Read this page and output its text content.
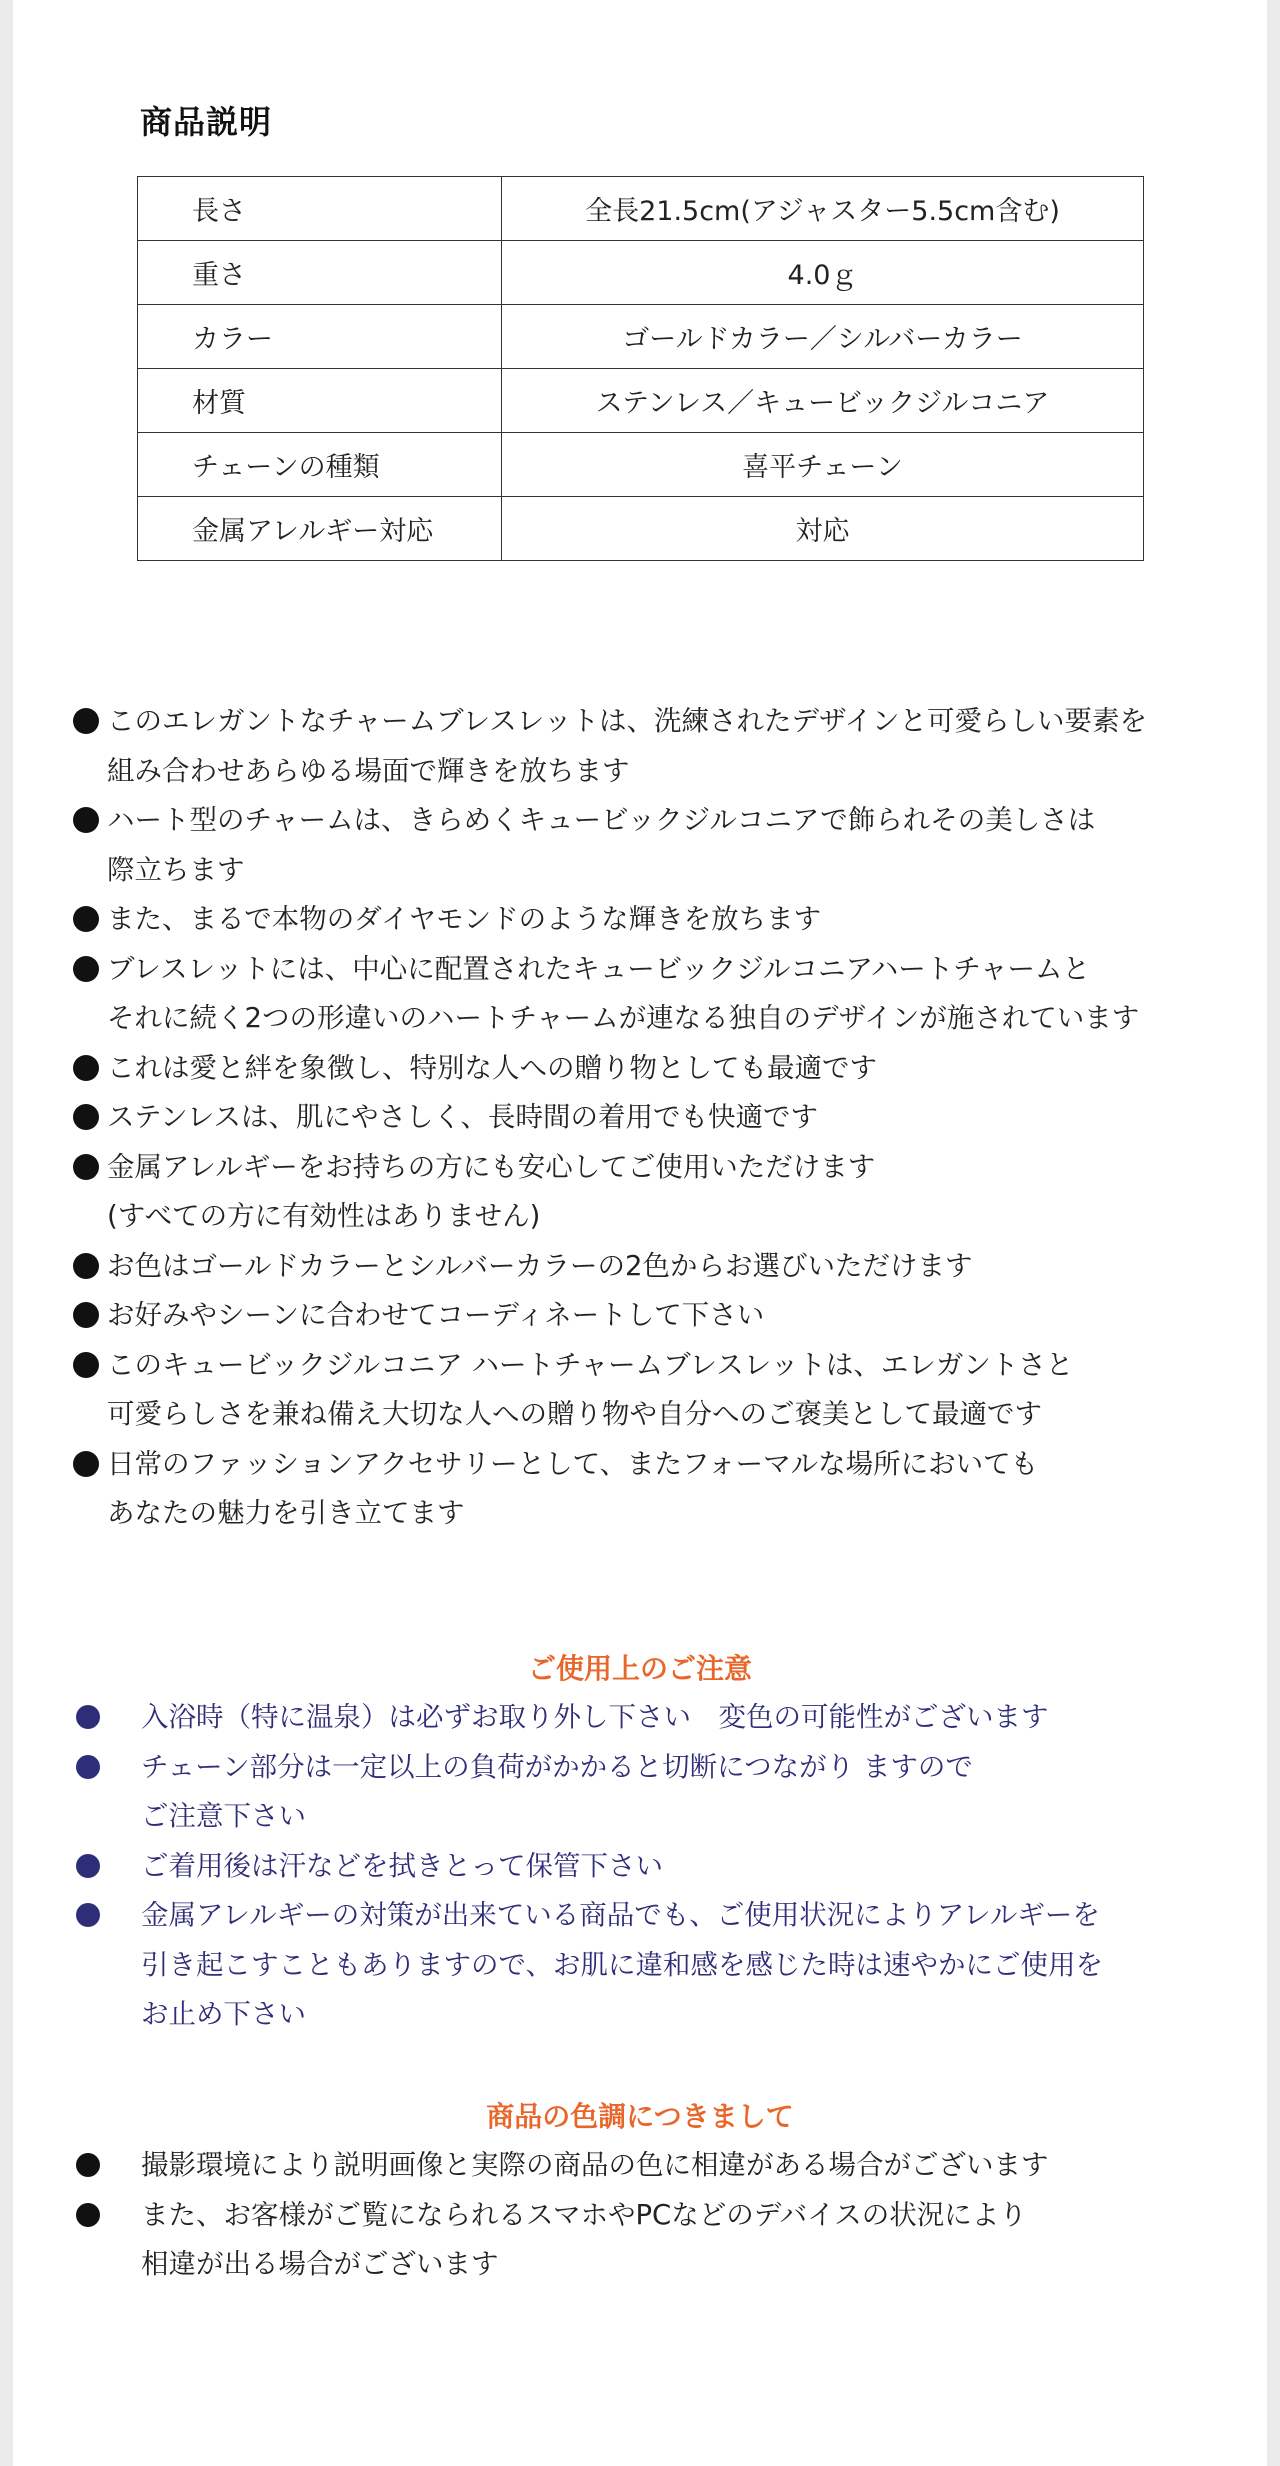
商品説明
長さ	全長21.5cm(アジャスター5.5cm含む)
重さ	4.0ｇ
カラー	ゴールドカラー／シルバーカラー
材質	ステンレス／キュービックジルコニア
チェーンの種類	喜平チェーン
金属アレルギー対応	対応
このエレガントなチャームブレスレットは、洗練されたデザインと可愛らしい要素を
組み合わせあらゆる場面で輝きを放ちます
ハート型のチャームは、きらめくキュービックジルコニアで飾られその美しさは
際立ちます
また、まるで本物のダイヤモンドのような輝きを放ちます
ブレスレットには、中心に配置されたキュービックジルコニアハートチャームと
それに続く2つの形違いのハートチャームが連なる独自のデザインが施されています
これは愛と絆を象徴し、特別な人への贈り物としても最適です
ステンレスは、肌にやさしく、長時間の着用でも快適です
金属アレルギーをお持ちの方にも安心してご使用いただけます
(すべての方に有効性はありません)
お色はゴールドカラーとシルバーカラーの2色からお選びいただけます
お好みやシーンに合わせてコーディネートして下さい
このキュービックジルコニア ハートチャームブレスレットは、エレガントさと
可愛らしさを兼ね備え大切な人への贈り物や自分へのご褒美として最適です
日常のファッションアクセサリーとして、またフォーマルな場所においても
あなたの魅力を引き立てます
ご使用上のご注意
入浴時（特に温泉）は必ずお取り外し下さい　変色の可能性がございます
チェーン部分は一定以上の負荷がかかると切断につながり ますので
ご注意下さい
ご着用後は汗などを拭きとって保管下さい
金属アレルギーの対策が出来ている商品でも、ご使用状況によりアレルギーを
引き起こすこともありますので、お肌に違和感を感じた時は速やかにご使用を
お止め下さい
商品の色調につきまして
撮影環境により説明画像と実際の商品の色に相違がある場合がございます
また、お客様がご覧になられるスマホやPCなどのデバイスの状況により
相違が出る場合がございます
